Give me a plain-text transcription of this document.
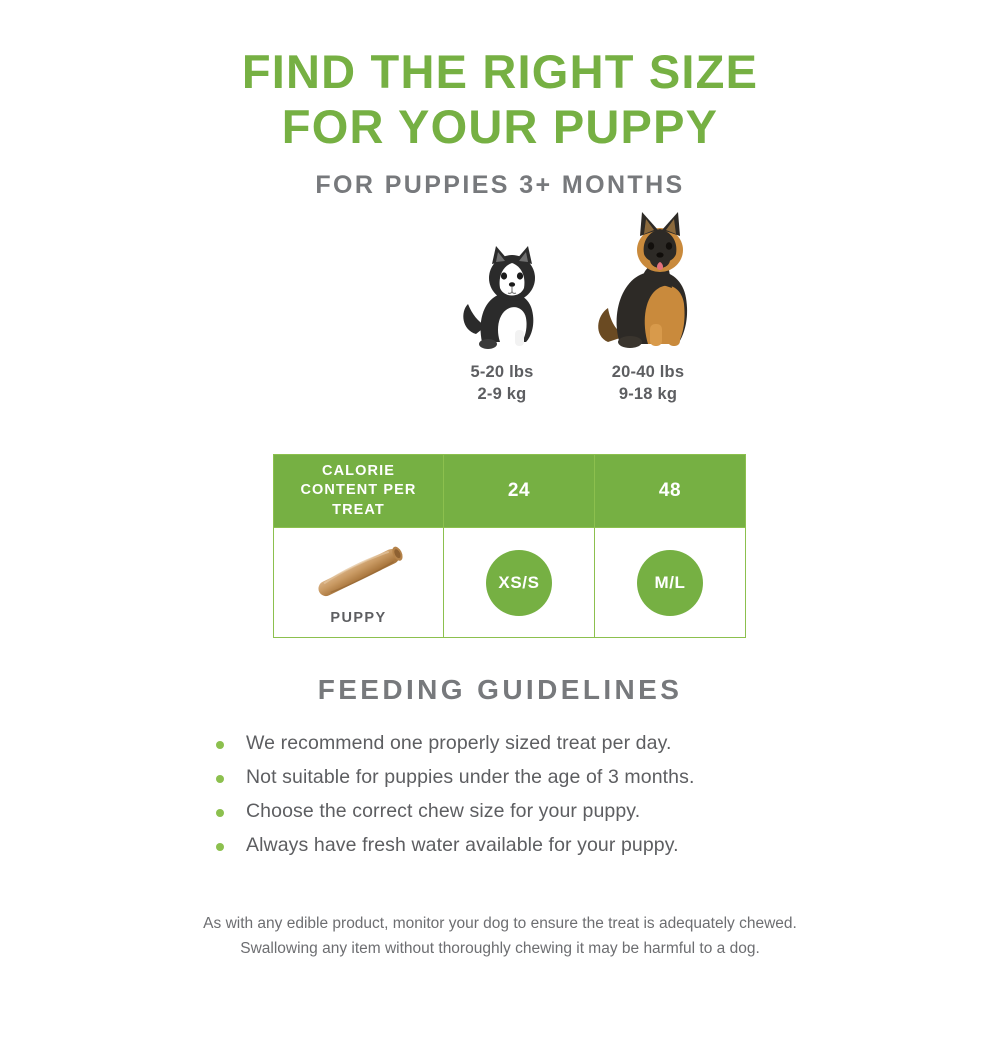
FIND THE RIGHT SIZE
FOR YOUR PUPPY
FOR PUPPIES 3+ MONTHS
5-20 lbs
2-9 kg
20-40 lbs
9-18 kg
CALORIE CONTENT PER TREAT	24	48

PUPPY	XS/S	M/L
FEEDING GUIDELINES
We recommend one properly sized treat per day.
Not suitable for puppies under the age of 3 months.
Choose the correct chew size for your puppy.
Always have fresh water available for your puppy.
As with any edible product, monitor your dog to ensure the treat is adequately chewed.
Swallowing any item without thoroughly chewing it may be harmful to a dog.
